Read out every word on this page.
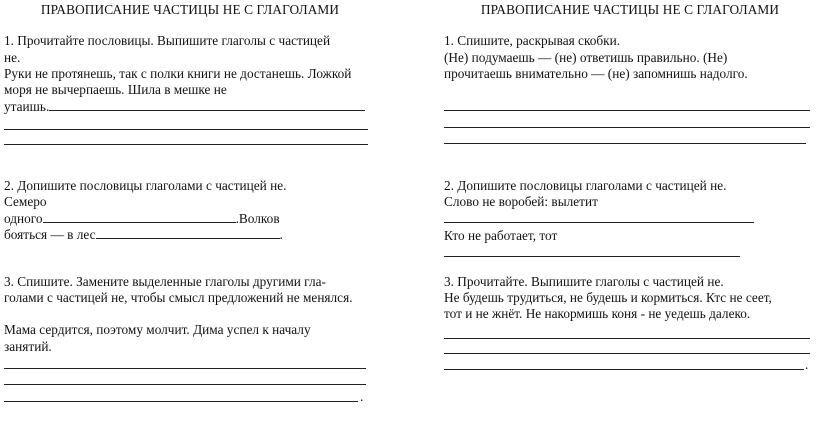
ПРАВОПИСАНИЕ ЧАСТИЦЫ НЕ С ГЛАГОЛАМИ
1. Прочитайте пословицы. Выпишите глаголы с частицей
не.
Руки не протянешь, так с полки книги не достанешь. Ложкой
моря не вычерпаешь. Шила в мешке не
утаишь.
2. Допишите пословицы глаголами с частицей не.
Семеро
одного	.Волков
бояться — в лес	.
3. Спишите. Замените выделенные глаголы другими гла-
голами с частицей не, чтобы смысл предложений не менялся.
Мама сердится, поэтому молчит. Дима успел к началу
занятий.
.
ПРАВОПИСАНИЕ ЧАСТИЦЫ НЕ С ГЛАГОЛАМИ
1. Спишите, раскрывая скобки.
(Не) подумаешь — (не) ответишь правильно. (Не)
прочитаешь внимательно — (не) запомнишь надолго.
2. Допишите пословицы глаголами с частицей не.
Слово не воробей: вылетит
Кто не работает, тот
3. Прочитайте. Выпишите глаголы с частицей не.
Не будешь трудиться, не будешь и кормиться. Ктс не сеет,
тот и не жнёт. Не накормишь коня - не уедешь далеко.
.
